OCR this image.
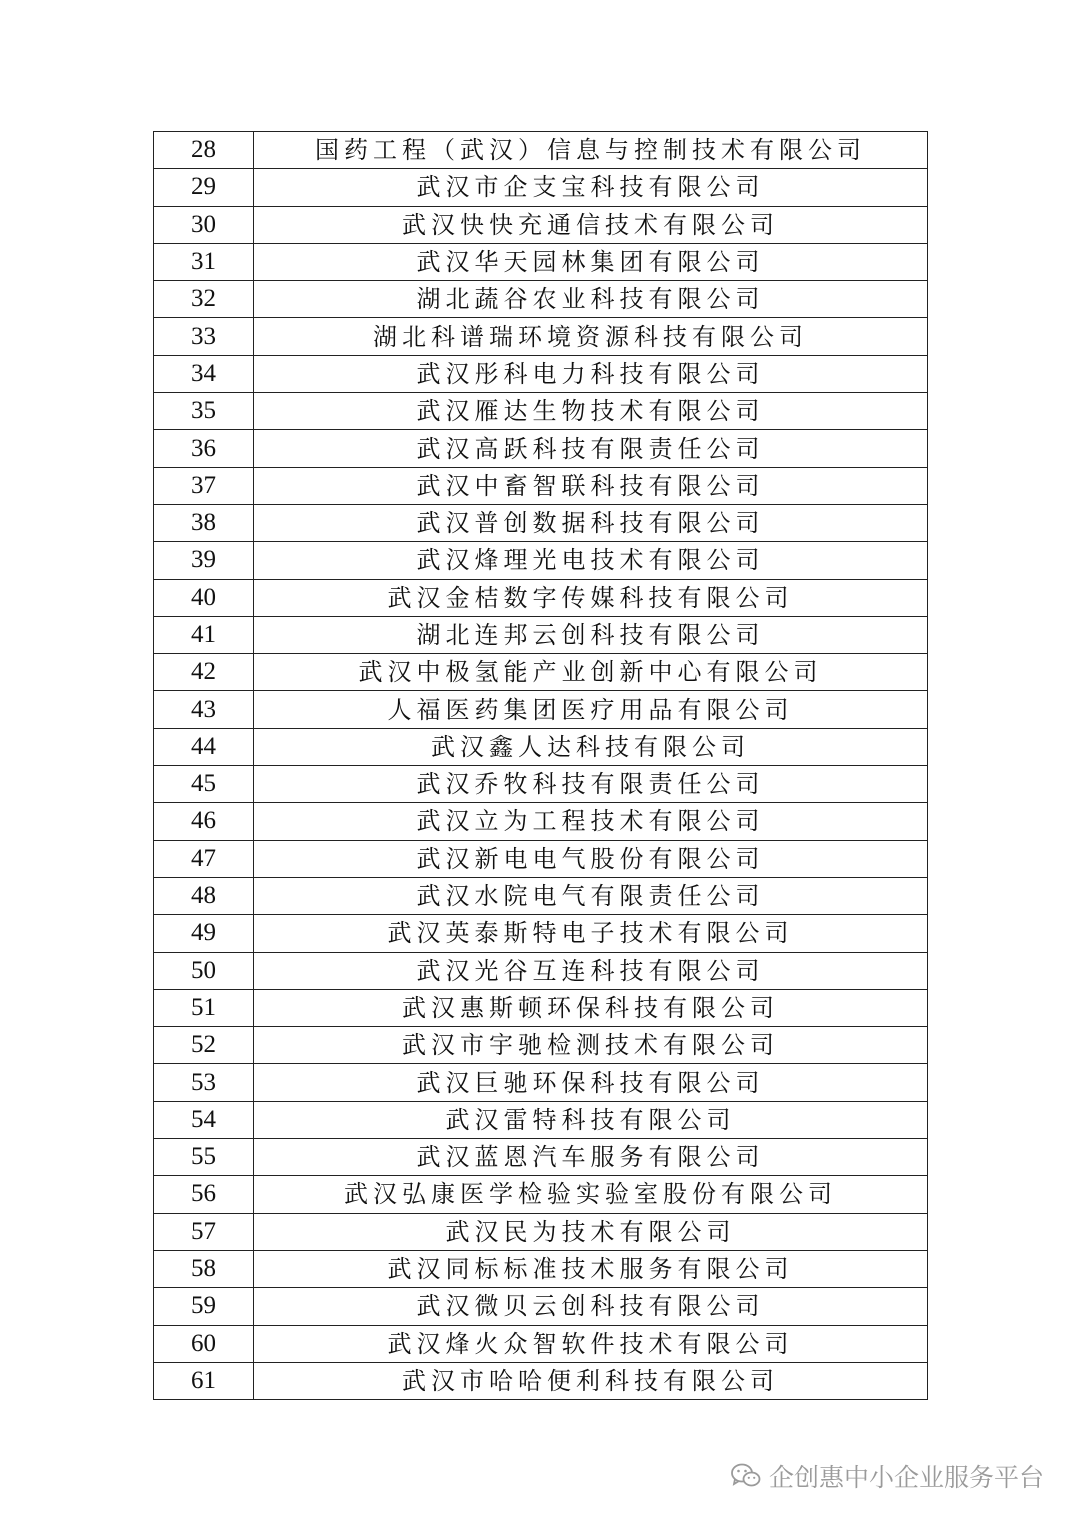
28	国药工程（武汉）信息与控制技术有限公司
29	武汉市企支宝科技有限公司
30	武汉快快充通信技术有限公司
31	武汉华天园林集团有限公司
32	湖北蔬谷农业科技有限公司
33	湖北科谱瑞环境资源科技有限公司
34	武汉彤科电力科技有限公司
35	武汉雁达生物技术有限公司
36	武汉高跃科技有限责任公司
37	武汉中畜智联科技有限公司
38	武汉普创数据科技有限公司
39	武汉烽理光电技术有限公司
40	武汉金桔数字传媒科技有限公司
41	湖北连邦云创科技有限公司
42	武汉中极氢能产业创新中心有限公司
43	人福医药集团医疗用品有限公司
44	武汉鑫人达科技有限公司
45	武汉乔牧科技有限责任公司
46	武汉立为工程技术有限公司
47	武汉新电电气股份有限公司
48	武汉水院电气有限责任公司
49	武汉英泰斯特电子技术有限公司
50	武汉光谷互连科技有限公司
51	武汉惠斯顿环保科技有限公司
52	武汉市宇驰检测技术有限公司
53	武汉巨驰环保科技有限公司
54	武汉雷特科技有限公司
55	武汉蓝恩汽车服务有限公司
56	武汉弘康医学检验实验室股份有限公司
57	武汉民为技术有限公司
58	武汉同标标准技术服务有限公司
59	武汉微贝云创科技有限公司
60	武汉烽火众智软件技术有限公司
61	武汉市哈哈便利科技有限公司
企创惠中小企业服务平台
